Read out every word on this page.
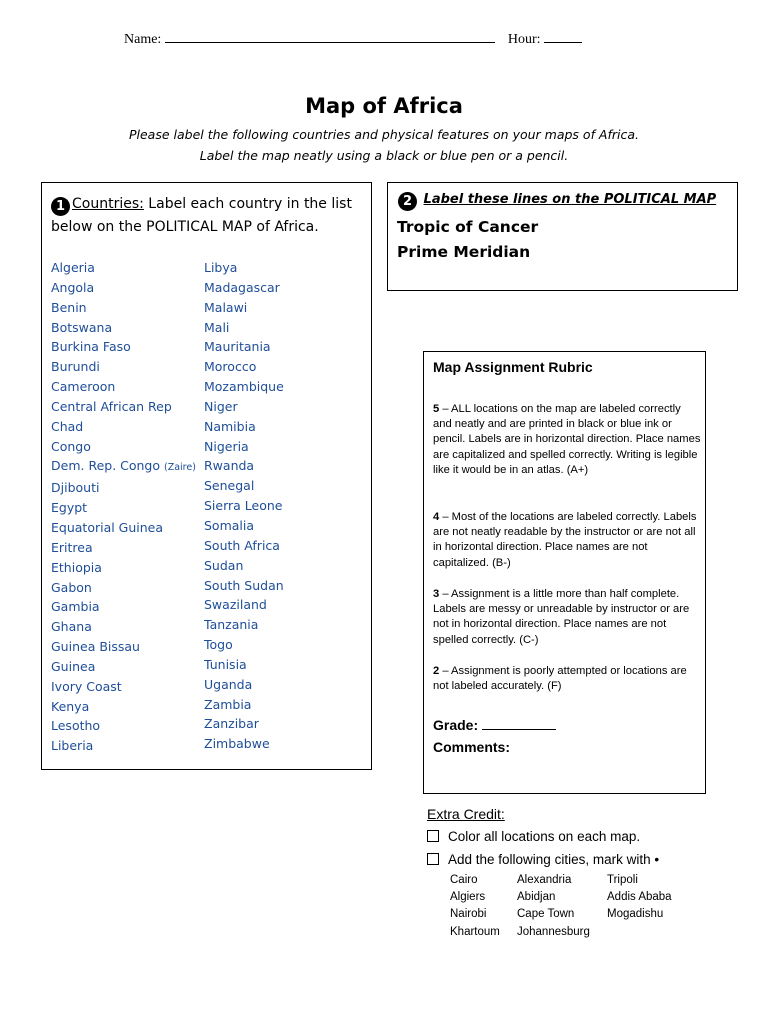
Name:	Hour:
Map of Africa
Please label the following countries and physical features on your maps of Africa.
Label the map neatly using a black or blue pen or a pencil.
1 Countries: Label each country in the list below on the POLITICAL MAP of Africa.
Algeria
Angola
Benin
Botswana
Burkina Faso
Burundi
Cameroon
Central African Rep
Chad
Congo
Dem. Rep. Congo (Zaire)
Djibouti
Egypt
Equatorial Guinea
Eritrea
Ethiopia
Gabon
Gambia
Ghana
Guinea Bissau
Guinea
Ivory Coast
Kenya
Lesotho
Liberia
Libya
Madagascar
Malawi
Mali
Mauritania
Morocco
Mozambique
Niger
Namibia
Nigeria
Rwanda
Senegal
Sierra Leone
Somalia
South Africa
Sudan
South Sudan
Swaziland
Tanzania
Togo
Tunisia
Uganda
Zambia
Zanzibar
Zimbabwe
2 Label these lines on the POLITICAL MAP
Tropic of Cancer
Prime Meridian
Map Assignment Rubric
5 – ALL locations on the map are labeled correctly and neatly and are printed in black or blue ink or pencil. Labels are in horizontal direction. Place names are capitalized and spelled correctly. Writing is legible like it would be in an atlas. (A+)
4 – Most of the locations are labeled correctly. Labels are not neatly readable by the instructor or are not all in horizontal direction. Place names are not capitalized. (B-)
3 – Assignment is a little more than half complete. Labels are messy or unreadable by instructor or are not in horizontal direction. Place names are not spelled correctly. (C-)
2 – Assignment is poorly attempted or locations are not labeled accurately. (F)
Grade:
Comments:
Extra Credit:
Color all locations on each map.
Add the following cities, mark with •
Cairo
Algiers
Nairobi
Khartoum
Alexandria
Abidjan
Cape Town
Johannesburg
Tripoli
Addis Ababa
Mogadishu
